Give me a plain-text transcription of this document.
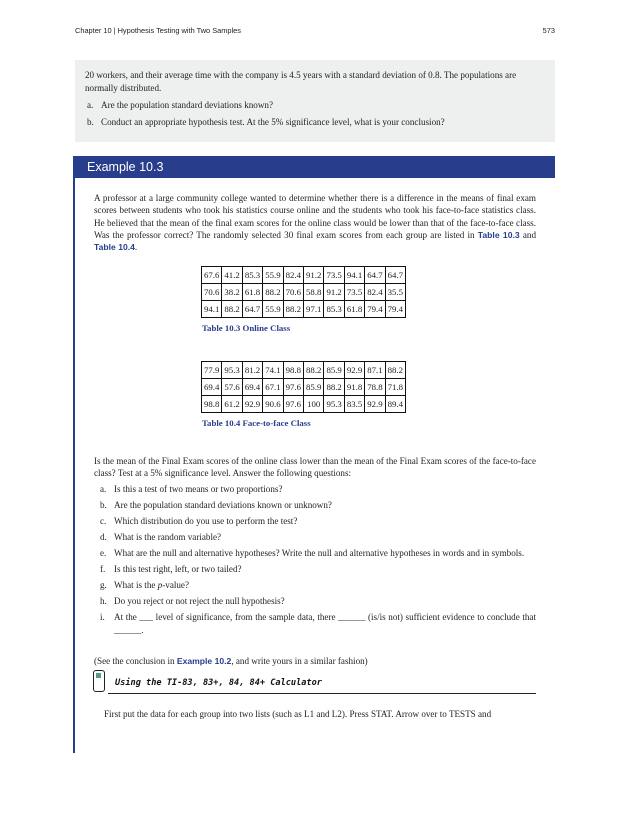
Chapter 10 | Hypothesis Testing with Two Samples	573

20 workers, and their average time with the company is 4.5 years with a standard deviation of 0.8. The populations are normally distributed.

a. Are the population standard deviations known?
b. Conduct an appropriate hypothesis test. At the 5% significance level, what is your conclusion?
Example 10.3

A professor at a large community college wanted to determine whether there is a difference in the means of final exam scores between students who took his statistics course online and the students who took his face-to-face statistics class. He believed that the mean of the final exam scores for the online class would be lower than that of the face-to-face class. Was the professor correct? The randomly selected 30 final exam scores from each group are listed in Table 10.3 and Table 10.4.

67.6	41.2	85.3	55.9	82.4	91.2	73.5	94.1	64.7	64.7
70.6	38.2	61.8	88.2	70.6	58.8	91.2	73.5	82.4	35.5
94.1	88.2	64.7	55.9	88.2	97.1	85.3	61.8	79.4	79.4
Table 10.3 Online Class
77.9	95.3	81.2	74.1	98.8	88.2	85.9	92.9	87.1	88.2
69.4	57.6	69.4	67.1	97.6	85.9	88.2	91.8	78.8	71.8
98.8	61.2	92.9	90.6	97.6	100	95.3	83.5	92.9	89.4
Table 10.4 Face-to-face Class

Is the mean of the Final Exam scores of the online class lower than the mean of the Final Exam scores of the face-to-face class? Test at a 5% significance level. Answer the following questions:

a. Is this a test of two means or two proportions?
b. Are the population standard deviations known or unknown?
c. Which distribution do you use to perform the test?
d. What is the random variable?
e. What are the null and alternative hypotheses? Write the null and alternative hypotheses in words and in symbols.
f. Is this test right, left, or two tailed?
g. What is the p-value?
h. Do you reject or not reject the null hypothesis?
i. At the ___ level of significance, from the sample data, there ______ (is/is not) sufficient evidence to conclude that ______.
(See the conclusion in Example 10.2, and write yours in a similar fashion)
Using the TI-83, 83+, 84, 84+ Calculator
First put the data for each group into two lists (such as L1 and L2). Press STAT. Arrow over to TESTS and
